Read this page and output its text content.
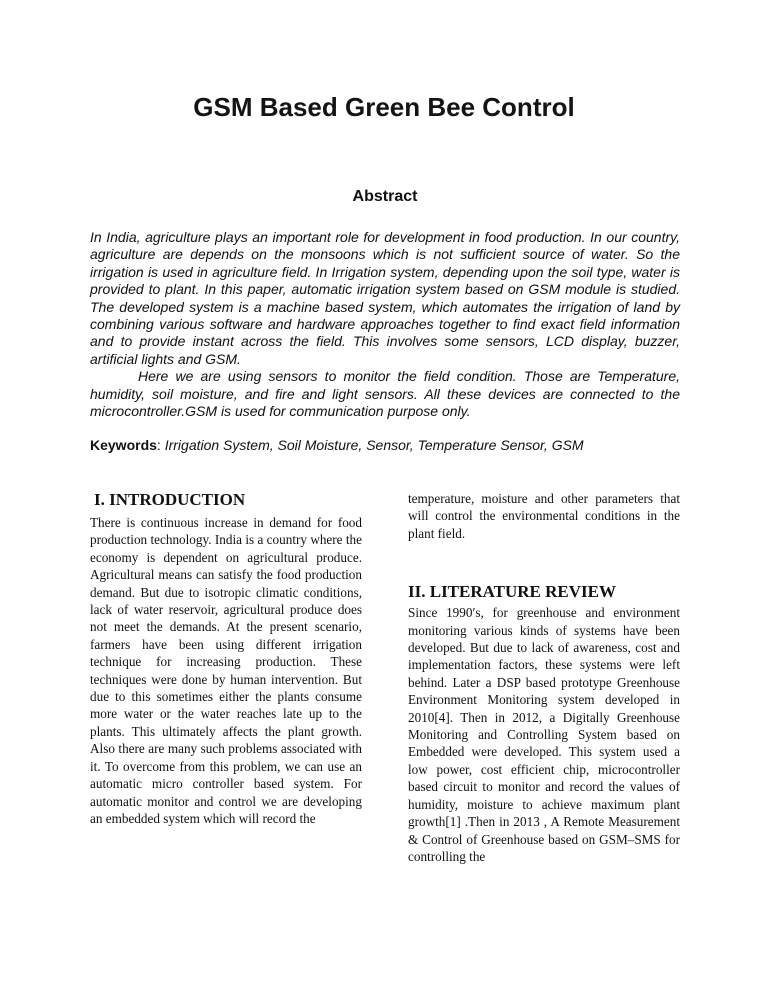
GSM Based Green Bee Control
Abstract

In India, agriculture plays an important role for development in food production. In our country, agriculture are depends on the monsoons which is not sufficient source of water. So the irrigation is used in agriculture field. In Irrigation system, depending upon the soil type, water is provided to plant. In this paper, automatic irrigation system based on GSM module is studied. The developed system is a machine based system, which automates the irrigation of land by combining various software and hardware approaches together to find exact field information and to provide instant across the field. This involves some sensors, LCD display, buzzer, artificial lights and GSM.

Here we are using sensors to monitor the field condition. Those are Temperature, humidity, soil moisture, and fire and light sensors. All these devices are connected to the microcontroller.GSM is used for communication purpose only.

Keywords: Irrigation System, Soil Moisture, Sensor, Temperature Sensor, GSM
I. INTRODUCTION

There is continuous increase in demand for food production technology. India is a country where the economy is dependent on agricultural produce. Agricultural means can satisfy the food production demand. But due to isotropic climatic conditions, lack of water reservoir, agricultural produce does not meet the demands. At the present scenario, farmers have been using different irrigation technique for increasing production. These techniques were done by human intervention. But due to this sometimes either the plants consume more water or the water reaches late up to the plants. This ultimately affects the plant growth. Also there are many such problems associated with it. To overcome from this problem, we can use an automatic micro controller based system. For automatic monitor and control we are developing an embedded system which will record the

temperature, moisture and other parameters that will control the environmental conditions in the plant field.

II. LITERATURE REVIEW

Since 1990′s, for greenhouse and environment monitoring various kinds of systems have been developed. But due to lack of awareness, cost and implementation factors, these systems were left behind. Later a DSP based prototype Greenhouse Environment Monitoring system developed in 2010[4]. Then in 2012, a Digitally Greenhouse Monitoring and Controlling System based on Embedded were developed. This system used a low power, cost efficient chip, microcontroller based circuit to monitor and record the values of humidity, moisture to achieve maximum plant growth[1] .Then in 2013 , A Remote Measurement & Control of Greenhouse based on GSM–SMS for controlling the
